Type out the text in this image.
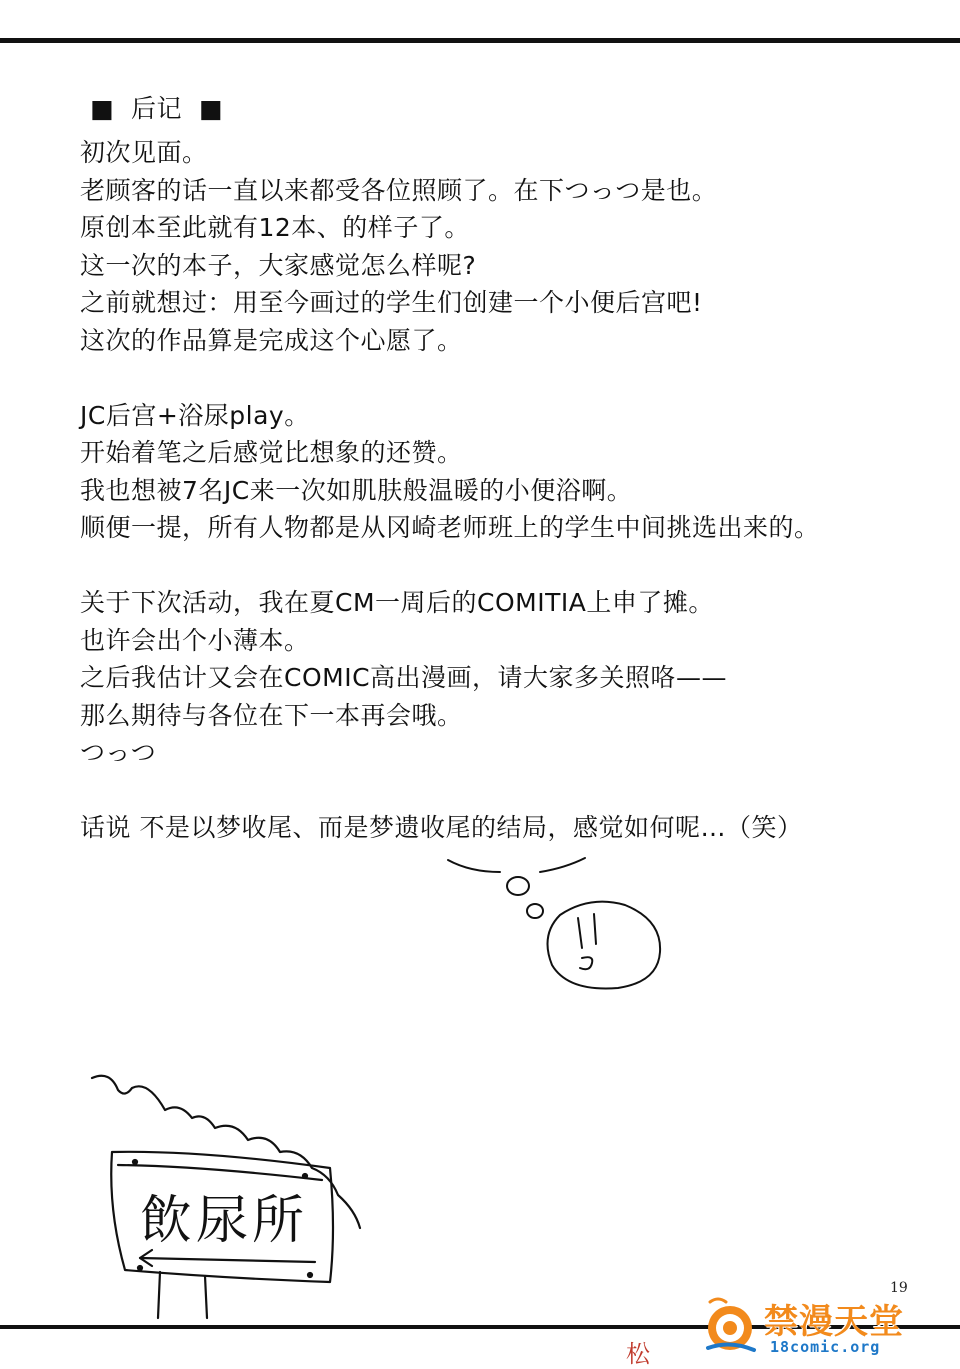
■  后记  ■
初次见面。
老顾客的话一直以来都受各位照顾了。在下つっつ是也。
原创本至此就有12本、的样子了。
这一次的本子，大家感觉怎么样呢?
之前就想过：用至今画过的学生们创建一个小便后宫吧!
这次的作品算是完成这个心愿了。
JC后宫+浴尿play。
开始着笔之后感觉比想象的还赞。
我也想被7名JC来一次如肌肤般温暖的小便浴啊。
顺便一提，所有人物都是从冈崎老师班上的学生中间挑选出来的。
关于下次活动，我在夏CM一周后的COMITIA上申了摊。
也许会出个小薄本。
之后我估计又会在COMIC高出漫画，请大家多关照咯——
那么期待与各位在下一本再会哦。
つっつ
话说 不是以梦收尾、而是梦遗收尾的结局，感觉如何呢…（笑）
飲尿所
19
松
禁漫天堂
18comic.org
